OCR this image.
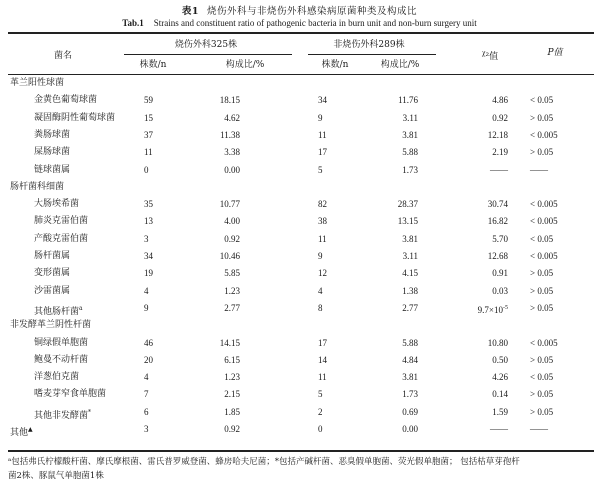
表1 烧伤外科与非烧伤外科感染病原菌种类及构成比
Tab.1 Strains and constituent ratio of pathogenic bacteria in burn unit and non-burn surgery unit
菌名
烧伤外科325株	非烧伤外科289株
株数/n	构成比/%	株数/n	构成比/%
$^\chi$²值	P值
革兰阳性球菌
金黄色葡萄球菌	59	18.15	34	11.76	4.86 < 0.05
凝固酶阴性葡萄球菌	15	4.62	9	3.11	0.92 > 0.05
粪肠球菌	37	11.38	11	3.81	12.18 < 0.005
屎肠球菌	11	3.38	17	5.88	2.19 > 0.05
链球菌属	0	0.00	5	1.73	—— ——
肠杆菌科细菌
大肠埃希菌	35	10.77	82	28.37	30.74 < 0.005
肺炎克雷伯菌	13	4.00	38	13.15	16.82 < 0.005
产酸克雷伯菌	3	0.92	11	3.81	5.70 < 0.05
肠杆菌属	34	10.46	9	3.11	12.68 < 0.005
变形菌属	19	5.85	12	4.15	0.91 > 0.05
沙雷菌属	4	1.23	4	1.38	0.03 > 0.05
其他肠杆菌$^a$	9	2.77	8	2.77	$9.7\times 10^{-5} > 0.05$
非发酵革兰阴性杆菌
铜绿假单胞菌	46	14.15	17	5.88	10.80 < 0.005
鲍曼不动杆菌	20	6.15	14	4.84	0.50 > 0.05
洋葱伯克菌	4	1.23	11	3.81	4.26 < 0.05
嗜麦芽窄食单胞菌	7	2.15	5	1.73	0.14 > 0.05
其他非发酵菌*	6	1.85	2	0.69	1.59 > 0.05
其他▲	3	0.92	0	0.00	—— ——
ᵃ包括弗氏柠檬酸杆菌、摩氏摩根菌、雷氏普罗威登菌、蜂房哈夫尼菌；*包括产碱杆菌、恶臭假单胞菌、荧光假单胞菌； 包括枯草芽孢杆
菌2株、豚鼠气单胞菌1株
